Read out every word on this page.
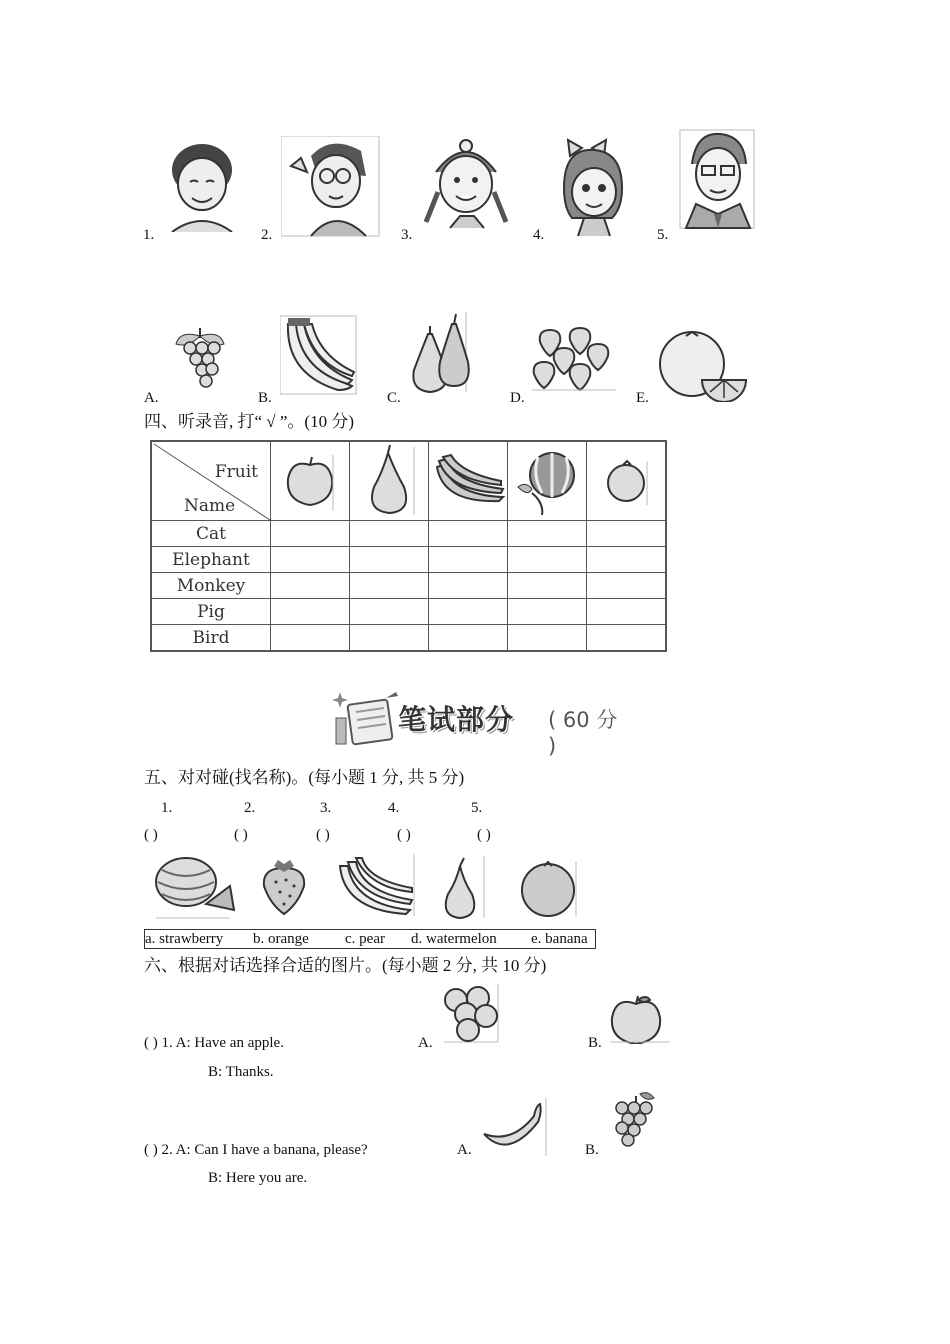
1.	2.	3.	4.	5.
A.	B.	C.	D.	E.
四、听录音, 打“ √ ”。(10 分)
Fruit
Name

Cat					
Elephant					
Monkey					
Pig					
Bird					
笔试部分 ( 60 分 )
五、对对碰(找名称)。(每小题 1 分, 共 5 分)
1.	2.	3.	4.	5.
( )	( )	( )	( )	( )
a. strawberry b. orange c. pear d. watermelon e. banana
六、根据对话选择合适的图片。(每小题 2 分, 共 10 分)
( ) 1. A: Have an apple.
B: Thanks.
A.	B.
( ) 2. A: Can I have a banana, please?
B: Here you are.
A.	B.
